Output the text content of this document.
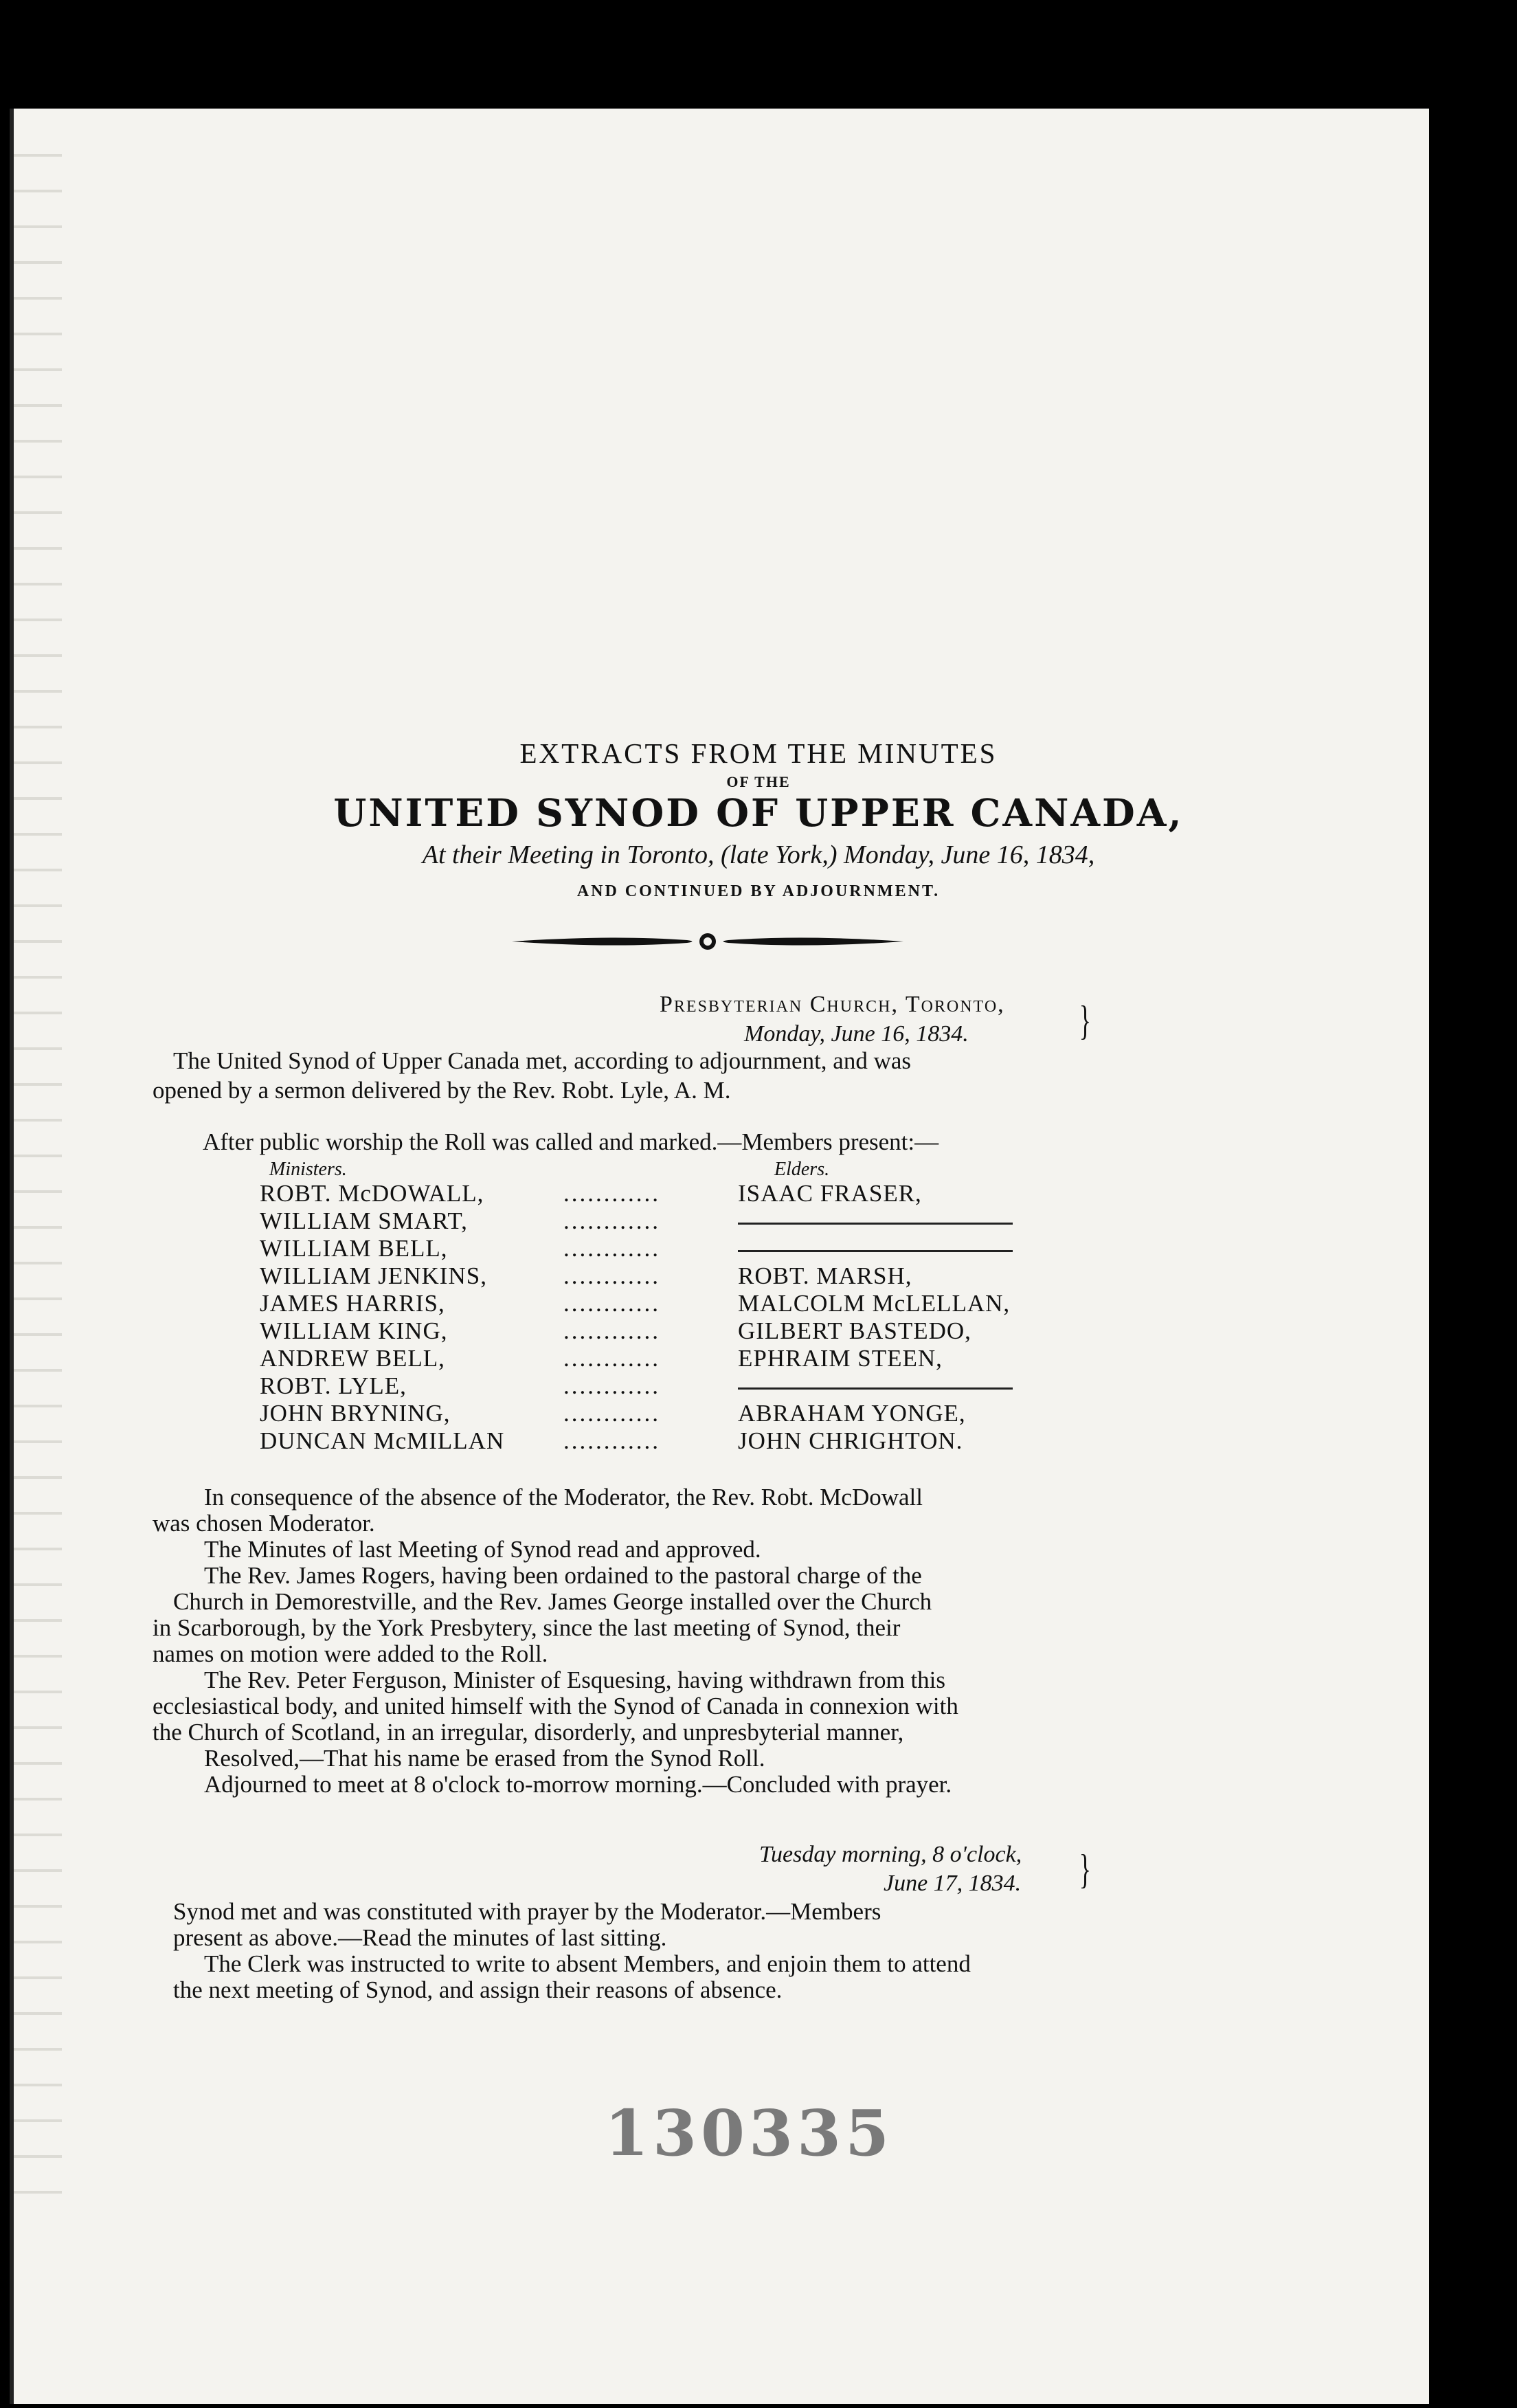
EXTRACTS FROM THE MINUTES
OF THE
UNITED SYNOD OF UPPER CANADA,
At their Meeting in Toronto, (late York,) Monday, June 16, 1834,
AND CONTINUED BY ADJOURNMENT.
Presbyterian Church, Toronto,
Monday, June 16, 1834.	}
The United Synod of Upper Canada met, according to adjournment, and was
opened by a sermon delivered by the Rev. Robt. Lyle, A. M.
After public worship the Roll was called and marked.—Members present:—
Ministers.	Elders.
ROBT. McDOWALL,	............	ISAAC FRASER,
WILLIAM SMART,	............
WILLIAM BELL,	............
WILLIAM JENKINS,	............	ROBT. MARSH,
JAMES HARRIS,	............	MALCOLM McLELLAN,
WILLIAM KING,	............	GILBERT BASTEDO,
ANDREW BELL,	............	EPHRAIM STEEN,
ROBT. LYLE,	............
JOHN BRYNING,	............	ABRAHAM YONGE,
DUNCAN McMILLAN ............	JOHN CHRIGHTON.
In consequence of the absence of the Moderator, the Rev. Robt. McDowall
was chosen Moderator.
The Minutes of last Meeting of Synod read and approved.
The Rev. James Rogers, having been ordained to the pastoral charge of the
Church in Demorestville, and the Rev. James George installed over the Church
in Scarborough, by the York Presbytery, since the last meeting of Synod, their
names on motion were added to the Roll.
The Rev. Peter Ferguson, Minister of Esquesing, having withdrawn from this
ecclesiastical body, and united himself with the Synod of Canada in connexion with
the Church of Scotland, in an irregular, disorderly, and unpresbyterial manner,
Resolved,—That his name be erased from the Synod Roll.
Adjourned to meet at 8 o'clock to-morrow morning.—Concluded with prayer.
Tuesday morning, 8 o'clock,
June 17, 1834. }
Synod met and was constituted with prayer by the Moderator.—Members
present as above.—Read the minutes of last sitting.
The Clerk was instructed to write to absent Members, and enjoin them to attend
the next meeting of Synod, and assign their reasons of absence.
130335
